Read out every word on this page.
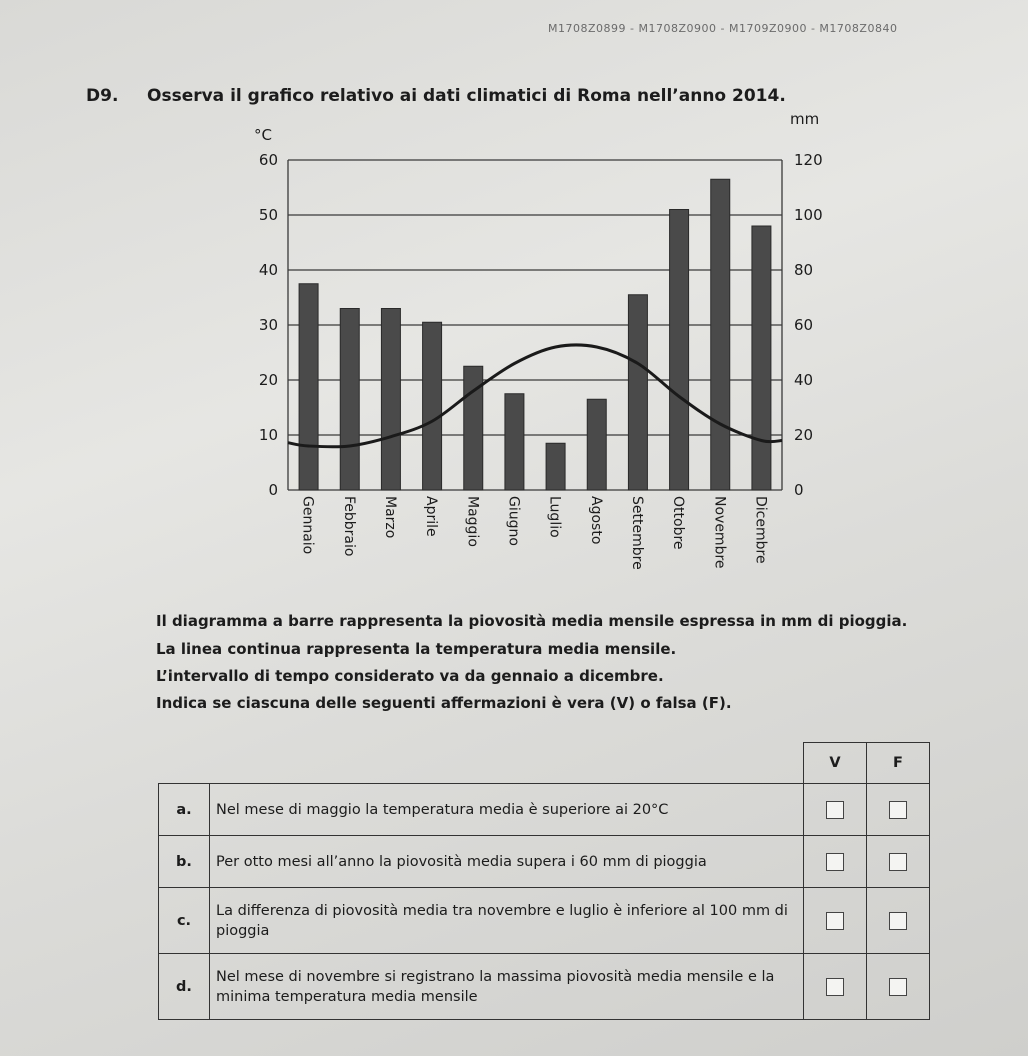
M1708Z0899 - M1708Z0900 - M1709Z0900 - M1708Z0840
D9. Osserva il grafico relativo ai dati climatici di Roma nell’anno 2014.
0
10
20
30
40
50
60
0
20
40
60
80
100
120
°C
mm
Gennaio Febbraio Marzo Aprile Maggio Giugno Luglio Agosto Settembre Ottobre Novembre Dicembre
Il diagramma a barre rappresenta la piovosità media mensile espressa in mm di pioggia.
La linea continua rappresenta la temperatura media mensile.
L’intervallo di tempo considerato va da gennaio a dicembre.
Indica se ciascuna delle seguenti affermazioni è vera (V) o falsa (F).
		V	F
a.	Nel mese di maggio la temperatura media è superiore ai 20°C		
b.	Per otto mesi all’anno la piovosità media supera i 60 mm di pioggia		
c.	La differenza di piovosità media tra novembre e luglio è inferiore al 100 mm di pioggia		
d.	Nel mese di novembre si registrano la massima piovosità media mensile e la minima temperatura media mensile		
